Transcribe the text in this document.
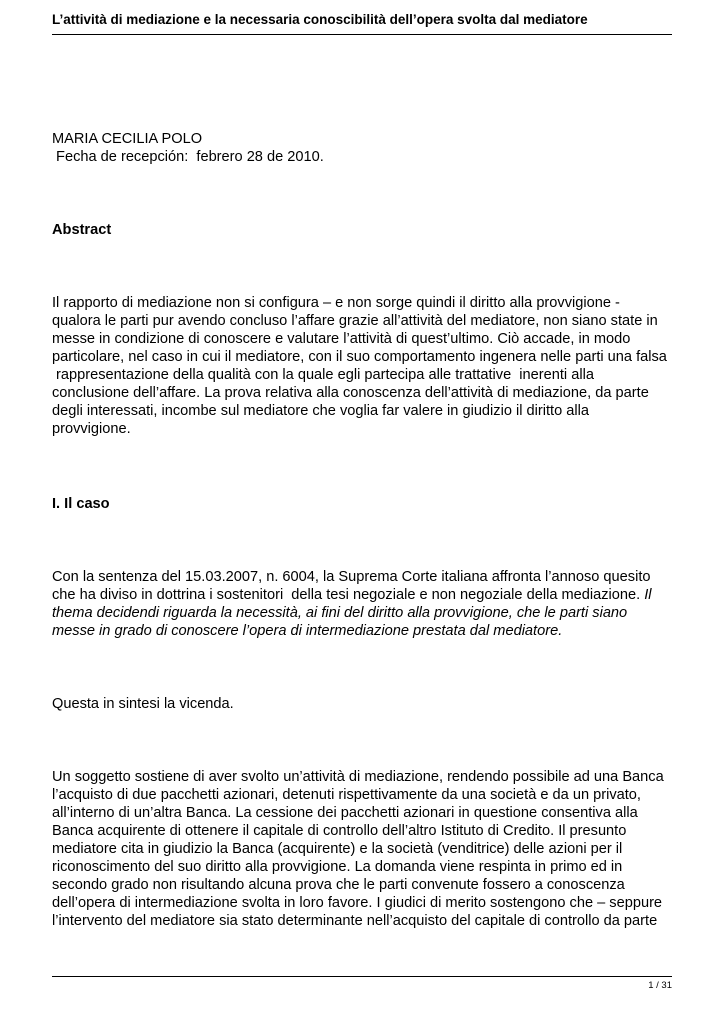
L’attività di mediazione e la necessaria conoscibilità dell’opera svolta dal mediatore
MARIA CECILIA POLO
Fecha de recepción:  febrero 28 de 2010.
Abstract
Il rapporto di mediazione non si configura – e non sorge quindi il diritto alla provvigione -
qualora le parti pur avendo concluso l’affare grazie all’attività del mediatore, non siano state in
messe in condizione di conoscere e valutare l’attività di quest’ultimo. Ciò accade, in modo
particolare, nel caso in cui il mediatore, con il suo comportamento ingenera nelle parti una falsa
rappresentazione della qualità con la quale egli partecipa alle trattative  inerenti alla
conclusione dell’affare. La prova relativa alla conoscenza dell’attività di mediazione, da parte
degli interessati, incombe sul mediatore che voglia far valere in giudizio il diritto alla
provvigione.
I. Il caso
Con la sentenza del 15.03.2007, n. 6004, la Suprema Corte italiana affronta l’annoso quesito
che ha diviso in dottrina i sostenitori  della tesi negoziale e non negoziale della mediazione. Il
thema decidendi riguarda la necessità, ai fini del diritto alla provvigione, che le parti siano
messe in grado di conoscere l’opera di intermediazione prestata dal mediatore.
Questa in sintesi la vicenda.
Un soggetto sostiene di aver svolto un’attività di mediazione, rendendo possibile ad una Banca
l’acquisto di due pacchetti azionari, detenuti rispettivamente da una società e da un privato,
all’interno di un’altra Banca. La cessione dei pacchetti azionari in questione consentiva alla
Banca acquirente di ottenere il capitale di controllo dell’altro Istituto di Credito. Il presunto
mediatore cita in giudizio la Banca (acquirente) e la società (venditrice) delle azioni per il
riconoscimento del suo diritto alla provvigione. La domanda viene respinta in primo ed in
secondo grado non risultando alcuna prova che le parti convenute fossero a conoscenza
dell’opera di intermediazione svolta in loro favore. I giudici di merito sostengono che – seppure
l’intervento del mediatore sia stato determinante nell’acquisto del capitale di controllo da parte
1 / 31
